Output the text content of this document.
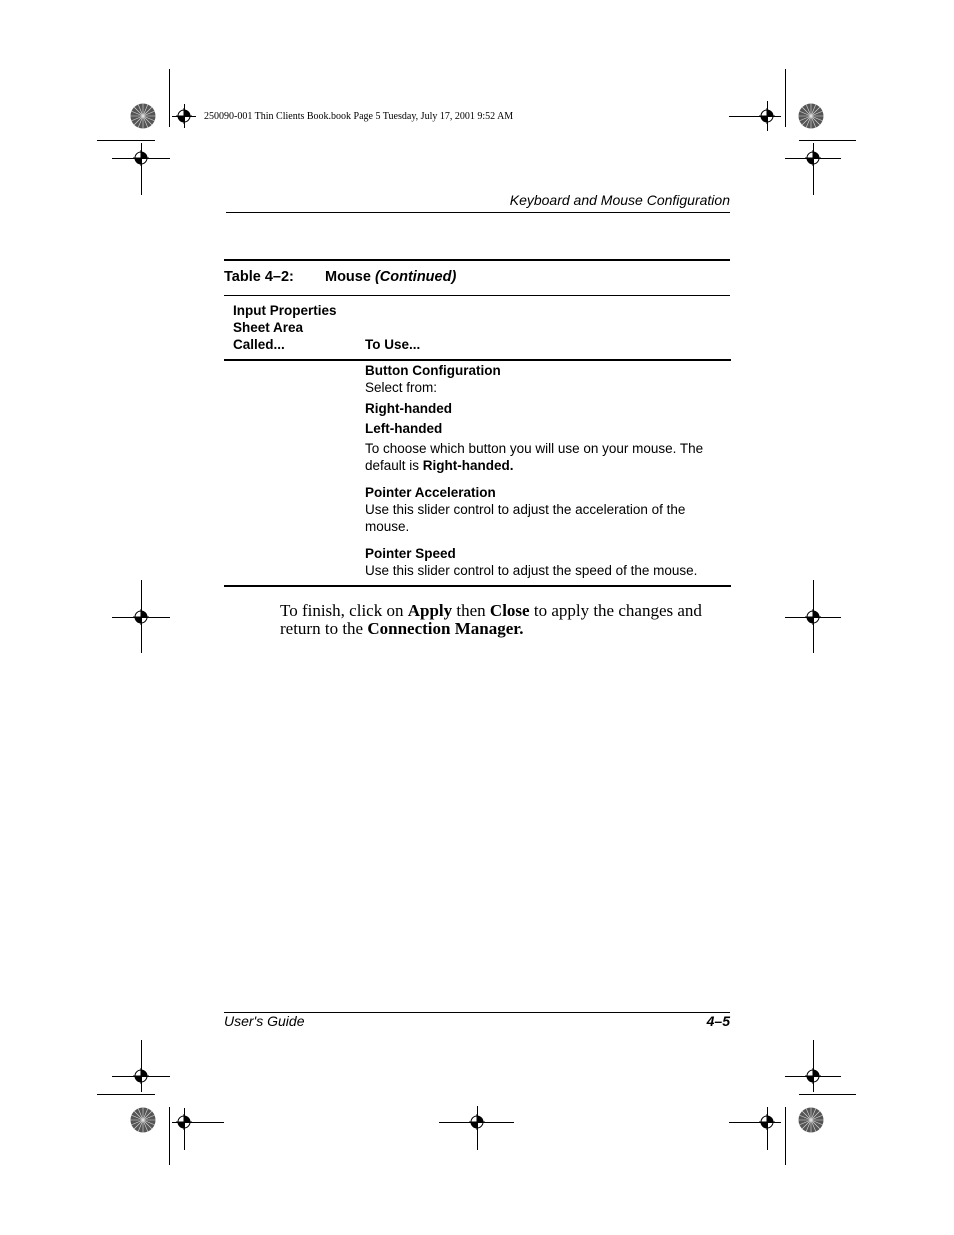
250090-001 Thin Clients Book.book Page 5 Tuesday, July 17, 2001 9:52 AM
Keyboard and Mouse Configuration
Table 4–2: Mouse (Continued)
Input Properties
Sheet Area
Called...	To Use...
Button Configuration
Select from:
Right-handed
Left-handed
To choose which button you will use on your mouse. The
default is Right-handed.
Pointer Acceleration
Use this slider control to adjust the acceleration of the
mouse.
Pointer Speed
Use this slider control to adjust the speed of the mouse.
To finish, click on Apply then Close to apply the changes and
return to the Connection Manager.
User's Guide	4–5
